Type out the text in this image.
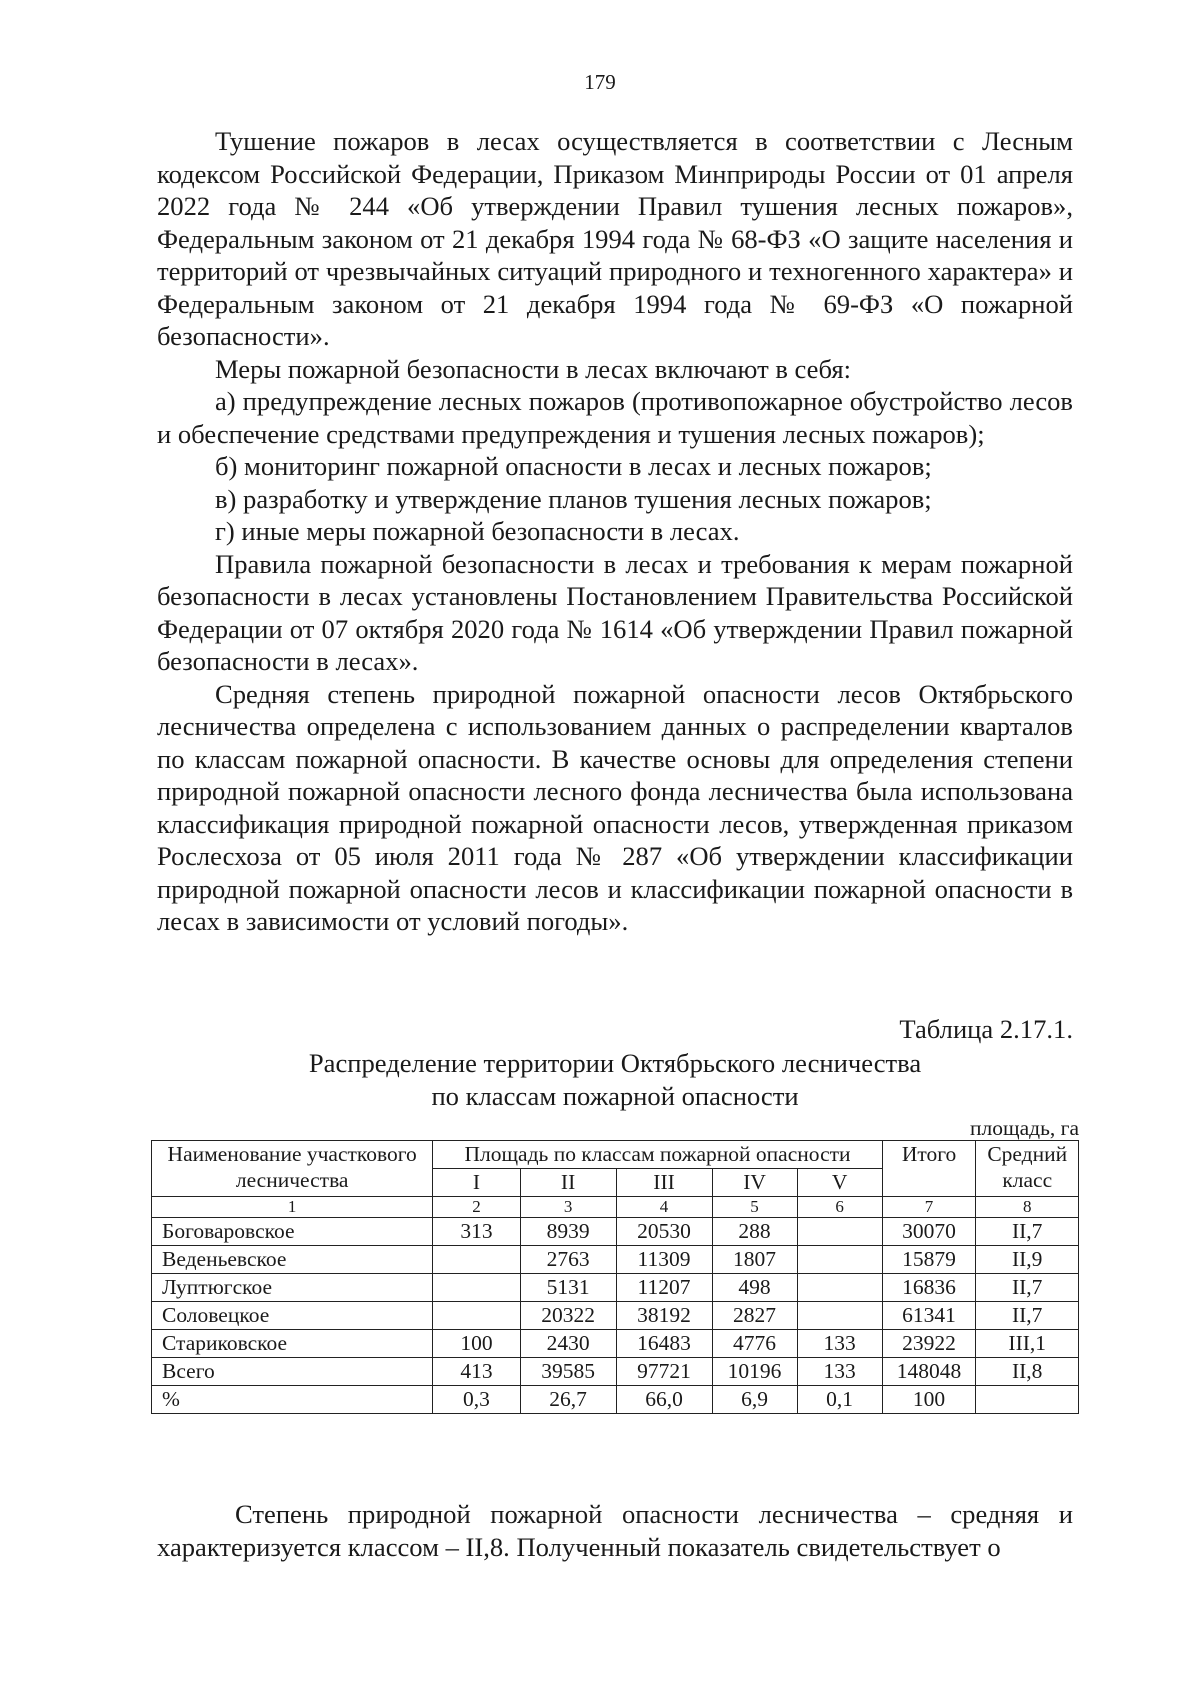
179

Тушение пожаров в лесах осуществляется в соответствии с Лесным кодексом Российской Федерации, Приказом Минприроды России от 01 апреля 2022 года № 244 «Об утверждении Правил тушения лесных пожаров», Федеральным законом от 21 декабря 1994 года № 68-ФЗ «О защите населения и территорий от чрезвычайных ситуаций природного и техногенного характера» и Федеральным законом от 21 декабря 1994 года № 69-ФЗ «О пожарной безопасности».

Меры пожарной безопасности в лесах включают в себя:

а) предупреждение лесных пожаров (противопожарное обустройство лесов и обеспечение средствами предупреждения и тушения лесных пожаров);

б) мониторинг пожарной опасности в лесах и лесных пожаров;

в) разработку и утверждение планов тушения лесных пожаров;

г) иные меры пожарной безопасности в лесах.

Правила пожарной безопасности в лесах и требования к мерам пожарной безопасности в лесах установлены Постановлением Правительства Российской Федерации от 07 октября 2020 года № 1614 «Об утверждении Правил пожарной безопасности в лесах».

Средняя степень природной пожарной опасности лесов Октябрьского лесничества определена с использованием данных о распределении кварталов по классам пожарной опасности. В качестве основы для определения степени природной пожарной опасности лесного фонда лесничества была использована классификация природной пожарной опасности лесов, утвержденная приказом Рослесхоза от 05 июля 2011 года № 287 «Об утверждении классификации природной пожарной опасности лесов и классификации пожарной опасности в лесах в зависимости от условий погоды».

Таблица 2.17.1.
Распределение территории Октябрьского лесничества
по классам пожарной опасности
площадь, га
Наименование участкового лесничества	Площадь по классам пожарной опасности					Итого	Средний класс
	I	II	III	IV	V		
1	2	3	4	5	6	7	8
Боговаровское	313	8939	20530	288		30070	II,7
Веденьевское		2763	11309	1807		15879	II,9
Луптюгское		5131	11207	498		16836	II,7
Соловецкое		20322	38192	2827		61341	II,7
Стариковское	100	2430	16483	4776	133	23922	III,1
Всего	413	39585	97721	10196	133	148048	II,8
%	0,3	26,7	66,0	6,9	0,1	100	

Степень природной пожарной опасности лесничества – средняя и характеризуется классом – II,8. Полученный показатель свидетельствует о
